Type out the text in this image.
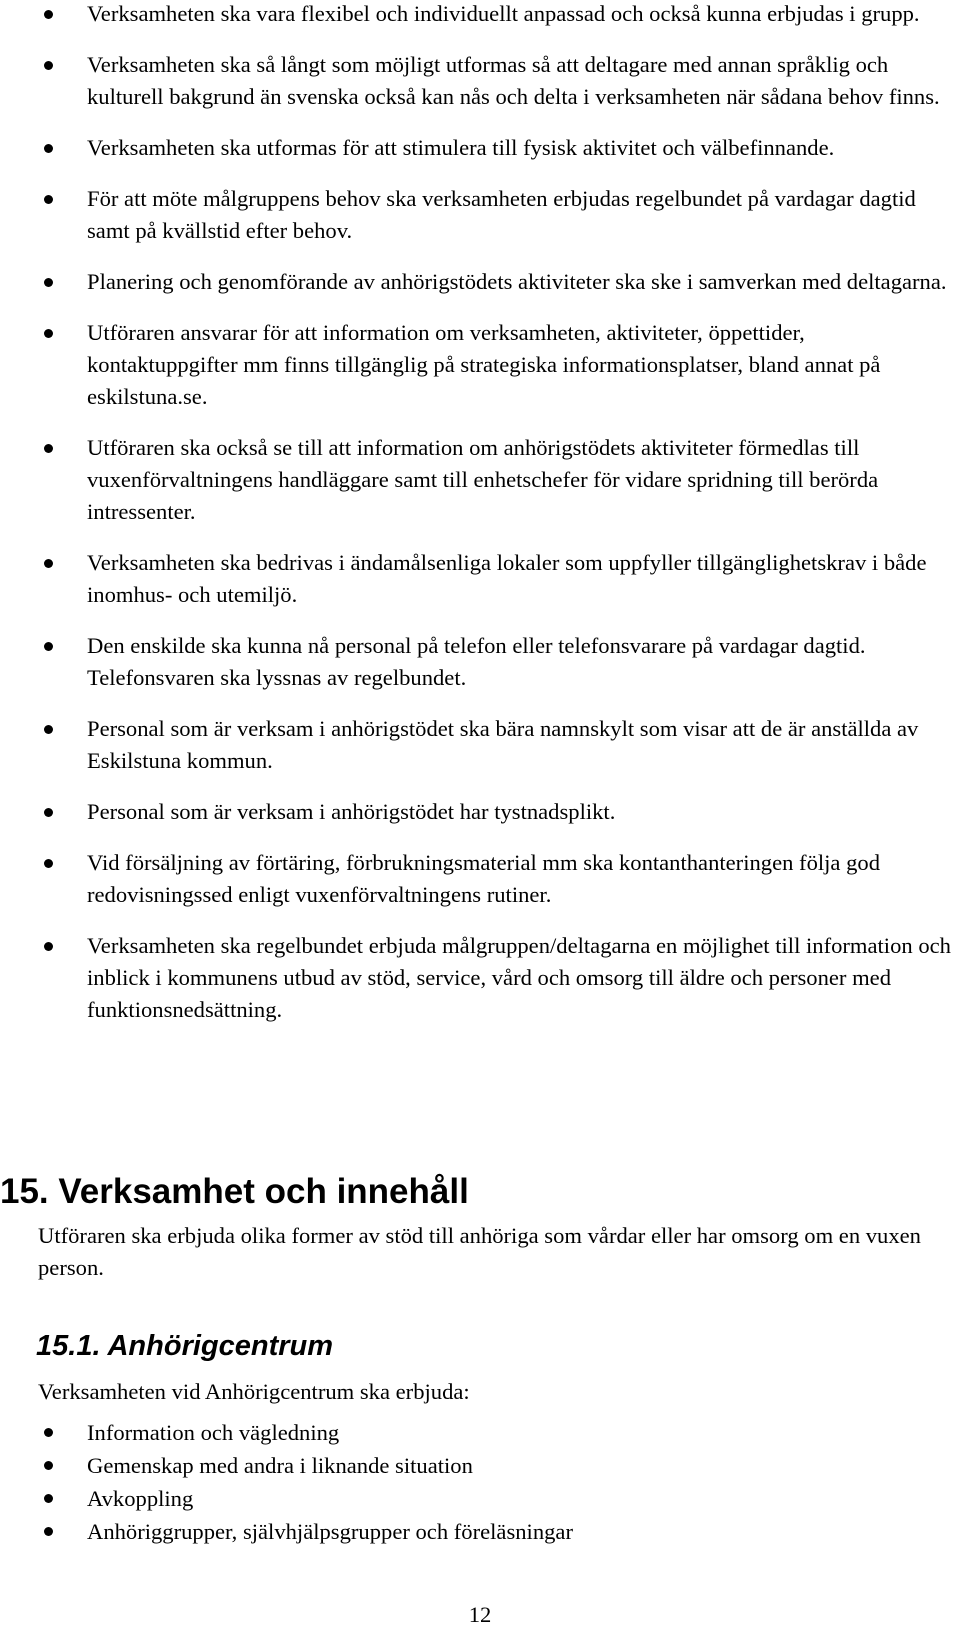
Verksamheten ska vara flexibel och individuellt anpassad och också kunna erbjudas i grupp.
Verksamheten ska så långt som möjligt utformas så att deltagare med annan språklig och kulturell bakgrund än svenska också kan nås och delta i verksamheten när sådana behov finns.
Verksamheten ska utformas för att stimulera till fysisk aktivitet och välbefinnande.
För att möte målgruppens behov ska verksamheten erbjudas regelbundet på vardagar dagtid samt på kvällstid efter behov.
Planering och genomförande av anhörigstödets aktiviteter ska ske i samverkan med deltagarna.
Utföraren ansvarar för att information om verksamheten, aktiviteter, öppettider, kontaktuppgifter mm finns tillgänglig på strategiska informationsplatser, bland annat på eskilstuna.se.
Utföraren ska också se till att information om anhörigstödets aktiviteter förmedlas till vuxenförvaltningens handläggare samt till enhetschefer för vidare spridning till berörda intressenter.
Verksamheten ska bedrivas i ändamålsenliga lokaler som uppfyller tillgänglighetskrav i både inomhus- och utemiljö.
Den enskilde ska kunna nå personal på telefon eller telefonsvarare på vardagar dagtid. Telefonsvaren ska lyssnas av regelbundet.
Personal som är verksam i anhörigstödet ska bära namnskylt som visar att de är anställda av Eskilstuna kommun.
Personal som är verksam i anhörigstödet har tystnadsplikt.
Vid försäljning av förtäring, förbrukningsmaterial mm ska kontanthanteringen följa god redovisningssed enligt vuxenförvaltningens rutiner.
Verksamheten ska regelbundet erbjuda målgruppen/deltagarna en möjlighet till information och inblick i kommunens utbud av stöd, service, vård och omsorg till äldre och personer med funktionsnedsättning.
15. Verksamhet och innehåll
Utföraren ska erbjuda olika former av stöd till anhöriga som vårdar eller har omsorg om en vuxen person.
15.1. Anhörigcentrum
Verksamheten vid Anhörigcentrum ska erbjuda:
Information och vägledning
Gemenskap med andra i liknande situation
Avkoppling
Anhöriggrupper, självhjälpsgrupper och föreläsningar
12
